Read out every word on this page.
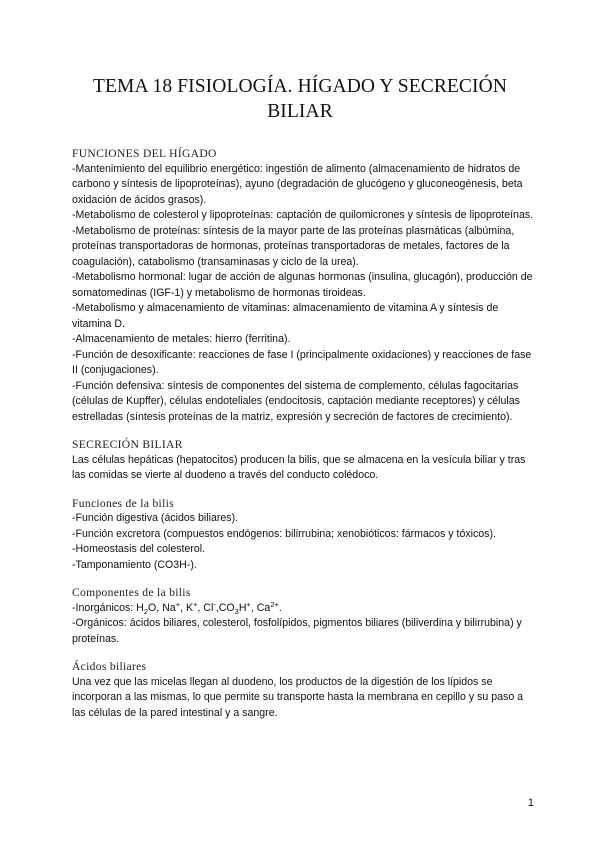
TEMA 18 FISIOLOGÍA. HÍGADO Y SECRECIÓN BILIAR
FUNCIONES DEL HÍGADO

-Mantenimiento del equilibrio energético: ingestión de alimento (almacenamiento de hidratos de carbono y síntesis de lipoproteínas), ayuno (degradación de glucógeno y gluconeogénesis, beta oxidación de ácidos grasos).

-Metabolismo de colesterol y lipoproteínas: captación de quilomicrones y síntesis de lipoproteínas.

-Metabolismo de proteínas: síntesis de la mayor parte de las proteínas plasmáticas (albúmina, proteínas transportadoras de hormonas, proteínas transportadoras de metales, factores de la coagulación), catabolismo (transaminasas y ciclo de la urea).

-Metabolismo hormonal: lugar de acción de algunas hormonas (insulina, glucagón), producción de somatomedinas (IGF-1) y metabolismo de hormonas tiroideas.

-Metabolismo y almacenamiento de vitaminas: almacenamiento de vitamina A y síntesis de vitamina D.

-Almacenamiento de metales: hierro (ferritina).

-Función de desoxificante: reacciones de fase I (principalmente oxidaciones) y reacciones de fase II (conjugaciones).

-Función defensiva: síntesis de componentes del sistema de complemento, células fagocitarias (células de Kupffer), células endoteliales (endocitosis, captación mediante receptores) y células estrelladas (síntesis proteínas de la matriz, expresión y secreción de factores de crecimiento).

SECRECIÓN BILIAR

Las células hepáticas (hepatocitos) producen la bilis, que se almacena en la vesícula biliar y tras las comidas se vierte al duodeno a través del conducto colédoco.

Funciones de la bilis

-Función digestiva (ácidos biliares).

-Función excretora (compuestos endógenos: bilirrubina; xenobióticos: fármacos y tóxicos).

-Homeostasis del colesterol.

-Tamponamiento (CO3H-).

Componentes de la bilis

-Inorgánicos: $H_2O$, Na+, K+, $Cl^-,CO_3H^+$, $Ca^{2+}$.

-Orgánicos: ácidos biliares, colesterol, fosfolípidos, pigmentos biliares (biliverdina y bilirrubina) y proteínas.

Ácidos biliares

Una vez que las micelas llegan al duodeno, los productos de la digestión de los lípidos se incorporan a las mismas, lo que permite su transporte hasta la membrana en cepillo y su paso a las células de la pared intestinal y a sangre.

1
